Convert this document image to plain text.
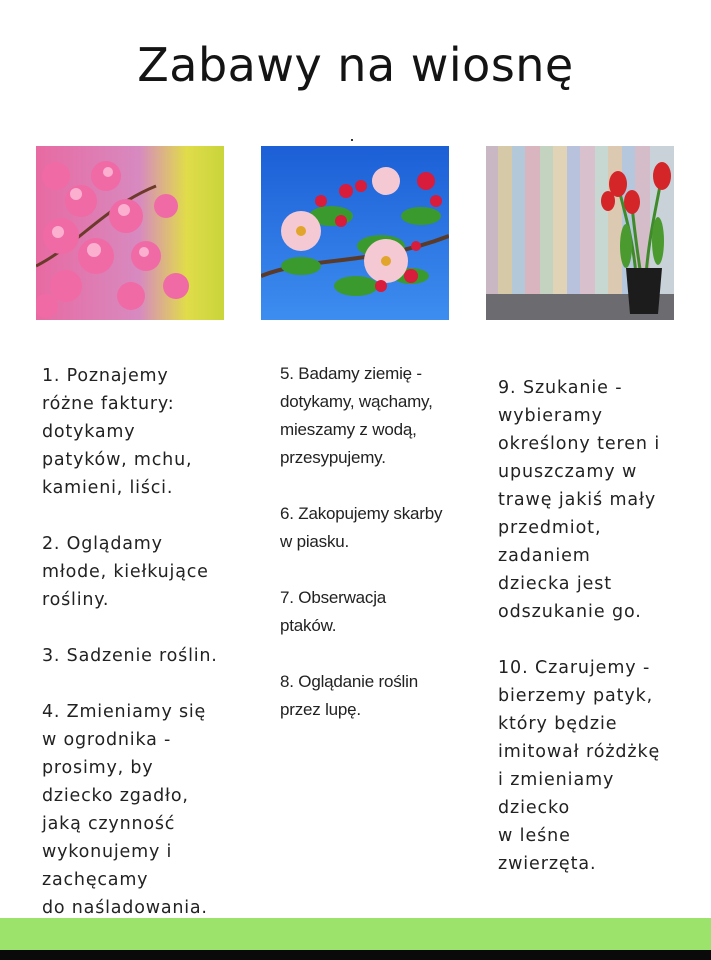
Zabawy na wiosnę

1. Poznajemy
różne faktury:
dotykamy
patyków, mchu,
kamieni, liści.

2. Oglądamy
młode, kiełkujące
rośliny.

3. Sadzenie roślin.

4. Zmieniamy się
w ogrodnika -
prosimy, by
dziecko zgadło,
jaką czynność
wykonujemy i
zachęcamy
do naśladowania.

5. Badamy ziemię -
dotykamy, wąchamy,
mieszamy z wodą,
przesypujemy.

6. Zakopujemy skarby
w piasku.

7. Obserwacja
ptaków.

8. Oglądanie roślin
przez lupę.

9. Szukanie -
wybieramy
określony teren i
upuszczamy w
trawę jakiś mały
przedmiot,
zadaniem
dziecka jest
odszukanie go.

10. Czarujemy -
bierzemy patyk,
który będzie
imitował różdżkę
i zmieniamy
dziecko
w leśne
zwierzęta.
